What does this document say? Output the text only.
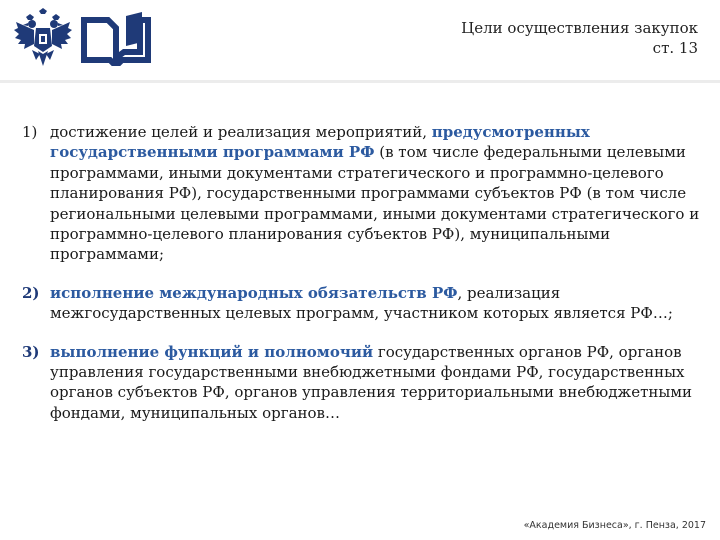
Цели осуществления закупок
ст. 13
1) достижение целей и реализация мероприятий, предусмотренных государственными программами РФ (в том числе федеральными целевыми программами, иными документами стратегического и программно-целевого планирования РФ), государственными программами субъектов РФ (в том числе региональными целевыми программами, иными документами стратегического и программно-целевого планирования субъектов РФ), муниципальными программами;
2) исполнение международных обязательств РФ, реализация межгосударственных целевых программ, участником которых является РФ…;
3) выполнение функций и полномочий государственных органов РФ, органов управления государственными внебюджетными фондами РФ, государственных органов субъектов РФ, органов управления территориальными внебюджетными фондами, муниципальных органов…
«Академия Бизнеса», г. Пенза, 2017
